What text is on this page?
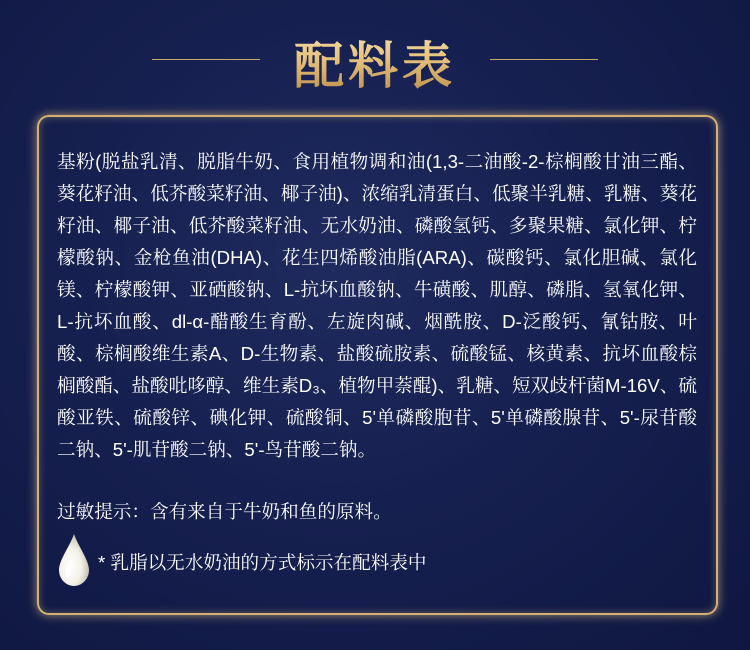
配料表

基粉(脱盐乳清、脱脂牛奶、食用植物调和油(1,3-二油酸-2-棕榈酸甘油三酯、葵花籽油、低芥酸菜籽油、椰子油)、浓缩乳清蛋白、低聚半乳糖、乳糖、葵花籽油、椰子油、低芥酸菜籽油、无水奶油、磷酸氢钙、多聚果糖、氯化钾、柠檬酸钠、金枪鱼油(DHA)、花生四烯酸油脂(ARA)、碳酸钙、氯化胆碱、氯化镁、柠檬酸钾、亚硒酸钠、L-抗坏血酸钠、牛磺酸、肌醇、磷脂、氢氧化钾、L-抗坏血酸、dl-α-醋酸生育酚、左旋肉碱、烟酰胺、D-泛酸钙、氰钴胺、叶酸、棕榈酸维生素A、D-生物素、盐酸硫胺素、硫酸锰、核黄素、抗坏血酸棕榈酸酯、盐酸吡哆醇、维生素D₃、植物甲萘醌)、乳糖、短双歧杆菌M-16V、硫酸亚铁、硫酸锌、碘化钾、硫酸铜、5'单磷酸胞苷、5'单磷酸腺苷、5'-尿苷酸二钠、5'-肌苷酸二钠、5'-鸟苷酸二钠。

过敏提示：含有来自于牛奶和鱼的原料。

* 乳脂以无水奶油的方式标示在配料表中
